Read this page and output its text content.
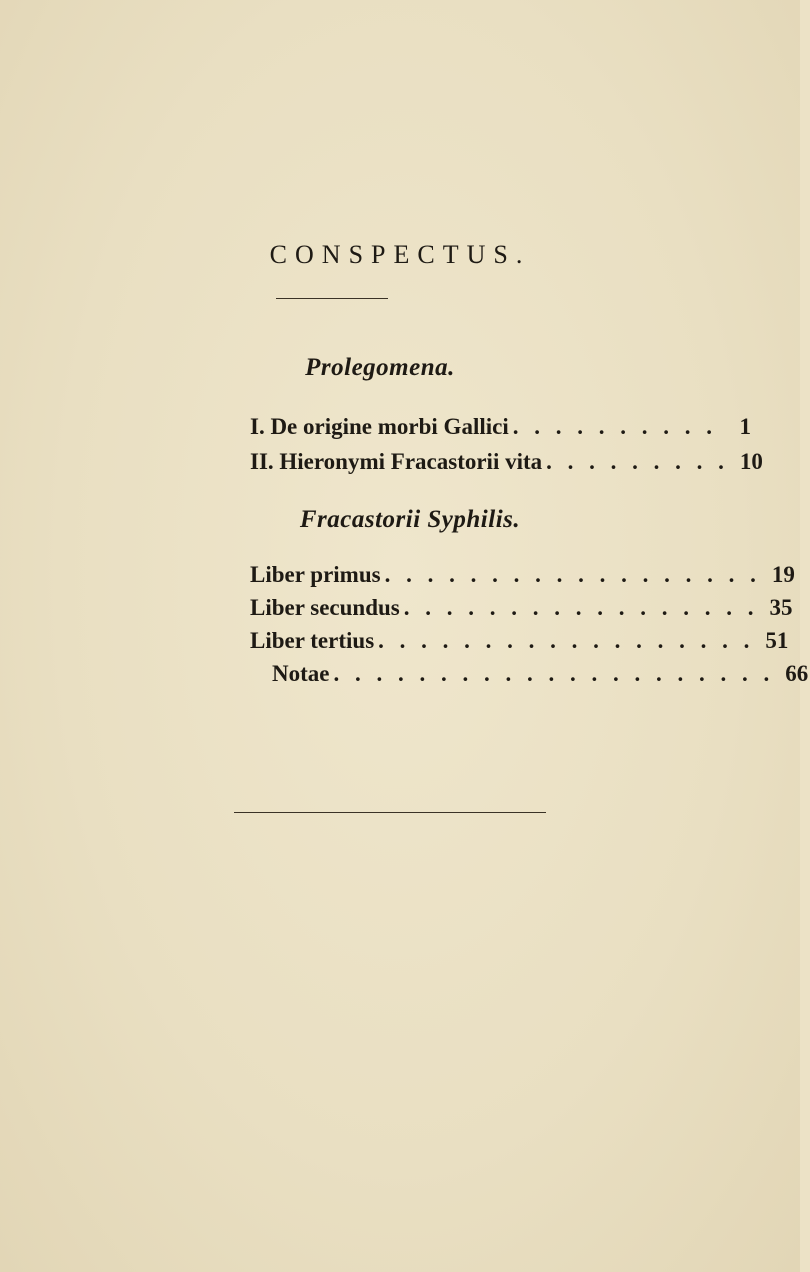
CONSPECTUS.
Prolegomena.
I. De origine morbi Gallici . . . . . . . . . . 1
II. Hieronymi Fracastorii vita . . . . . . . . . 10
Fracastorii Syphilis.
Liber primus . . . . . . . . . . . . . . . . . . 19
Liber secundus . . . . . . . . . . . . . . . . . 35
Liber tertius . . . . . . . . . . . . . . . . . . 51
Notae . . . . . . . . . . . . . . . . . . . . . 66
